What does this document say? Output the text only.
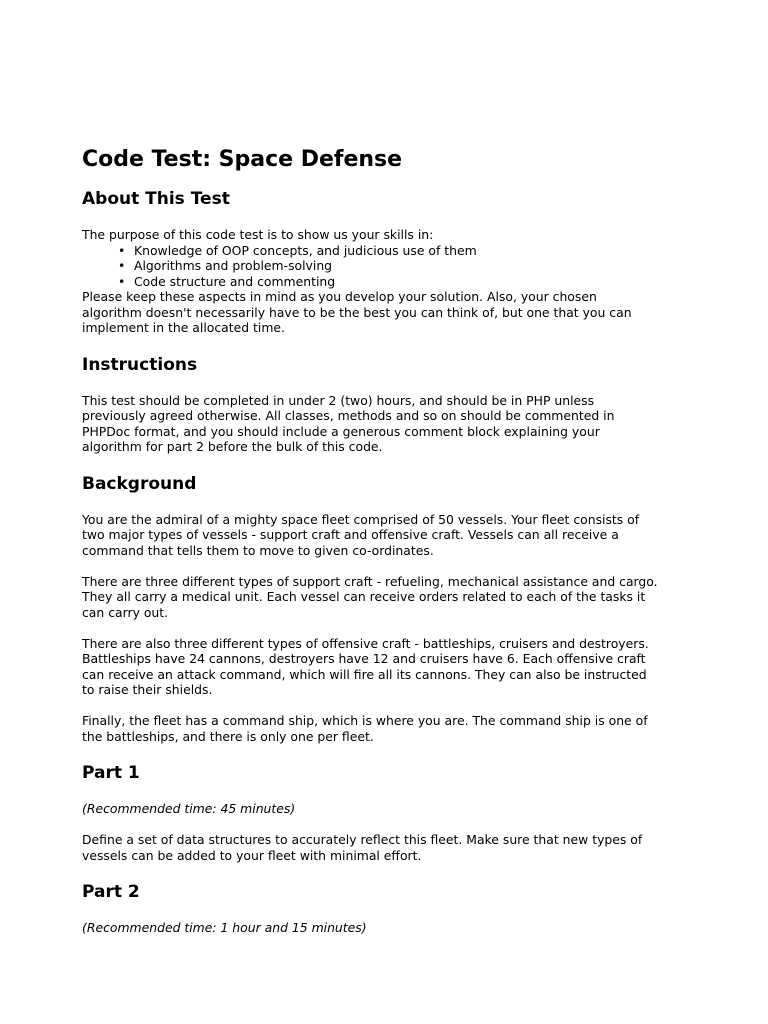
Code Test: Space Defense
About This Test

The purpose of this code test is to show us your skills in:

• Knowledge of OOP concepts, and judicious use of them
• Algorithms and problem-solving
• Code structure and commenting

Please keep these aspects in mind as you develop your solution. Also, your chosen

algorithm doesn't necessarily have to be the best you can think of, but one that you can

implement in the allocated time.

Instructions

This test should be completed in under 2 (two) hours, and should be in PHP unless

previously agreed otherwise. All classes, methods and so on should be commented in

PHPDoc format, and you should include a generous comment block explaining your

algorithm for part 2 before the bulk of this code.

Background

You are the admiral of a mighty space fleet comprised of 50 vessels. Your fleet consists of

two major types of vessels - support craft and offensive craft. Vessels can all receive a

command that tells them to move to given co-ordinates.

There are three different types of support craft - refueling, mechanical assistance and cargo.

They all carry a medical unit. Each vessel can receive orders related to each of the tasks it

can carry out.

There are also three different types of offensive craft - battleships, cruisers and destroyers.

Battleships have 24 cannons, destroyers have 12 and cruisers have 6. Each offensive craft

can receive an attack command, which will fire all its cannons. They can also be instructed

to raise their shields.

Finally, the fleet has a command ship, which is where you are. The command ship is one of

the battleships, and there is only one per fleet.

Part 1

(Recommended time: 45 minutes)

Define a set of data structures to accurately reflect this fleet. Make sure that new types of

vessels can be added to your fleet with minimal effort.

Part 2

(Recommended time: 1 hour and 15 minutes)
